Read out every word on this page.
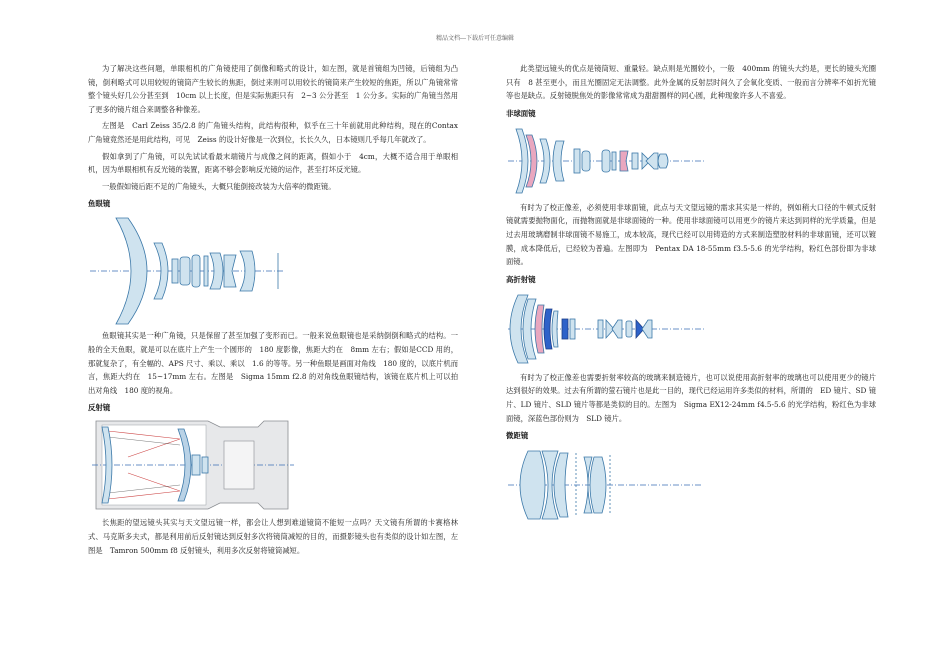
精品文档---下载后可任意编辑

为了解决这些问题，单眼相机的广角镜使用了倒像和略式的设计，如左图，就是首镜组为凹镜，后镜组为凸镜，倒利略式可以用较短的镜筒产生较长的焦距，倒过来则可以用较长的镜筒来产生较短的焦距，所以广角镜常常整个镜头好几公分甚至到　10cm 以上长度，但是实际焦距只有　2~3 公分甚至　1 公分多。实际的广角镜当然用了更多的镜片组合来调整各种像差。

左图是　Carl Zeiss 35/2.8 的广角镜头结构，此结构很种，似乎在三十年前就用此种结构，现在的Contax 广角镜竟然还是用此结构，可见　Zeiss 的设计好像是一次到位，长长久久，日本镜则几乎每几年就改了。

假如拿到了广角镜，可以先试试看最末端镜片与成像之间的距离，假如小于　4cm，大概不适合用于单眼相机，因为单眼相机有反光镜的装置，距离不够会影响反光镜的运作，甚至打坏反光镜。

一般假如镜后距不足的广角镜头，大概只能倒接改装为大倍率的微距镜。

鱼眼镜

鱼眼镜其实是一种广角镜，只是保留了甚至加强了变形而已。一般来说鱼眼镜也是采纳倒倒和略式的结构。一般的全天鱼眼，就是可以在底片上产生一个圆形的　180 度影像，焦距大约在　8mm 左右；假如是CCD 用的，那就复杂了，有全幅的、APS 尺寸、乘以、乘以　1.6 的等等。另一种鱼眼是画面对角线　180 度的，以底片机而言，焦距大约在　15~17mm 左右。左图是　Sigma 15mm f2.8 的对角线鱼眼镜结构，该镜在底片机上可以拍出对角线　180 度的视角。

反射镜

长焦距的望远镜头其实与天文望远镜一样，都会让人想到难道镜筒不能短一点吗？天文镜有所谓的卡赛格林式、马克斯多夫式，都是利用前后反射镜达到反射多次将镜筒减短的目的，而摄影镜头也有类似的设计如左图，左图是　Tamron 500mm f8 反射镜头，利用多次反射将镜筒减短。

此类望远镜头的优点是镜筒短、重量轻。缺点则是光圈较小，一般　400mm 的镜头大约是，更长的镜头光圈只有　8 甚至更小，而且光圈固定无法调整。此外金属的反射层时间久了会氧化变质、一般而言分辨率不如折光镜等也是缺点。反射镜脱焦处的影像常常成为甜甜圈样的同心圆，此种现象许多人不喜爱。

非球面镜

有时为了校正像差，必须使用非球面镜，此点与天文望远镜的需求其实是一样的，例如稍大口径的牛顿式反射镜就需要抛物面化，而抛物面就是非球面镜的一种。使用非球面镜可以用更少的镜片来达到同样的光学质量，但是过去用玻璃磨制非球面镜不易施工，成本较高，现代已经可以用铸造的方式来制造塑胶材料的非球面镜，还可以镀膜，成本降低后，已经较为普遍。左图即为　Pentax DA 18-55mm f3.5-5.6 的光学结构，粉红色部份即为非球面镜。

高折射镜

有时为了校正像差也需要折射率较高的玻璃来制造镜片，也可以说使用高折射率的玻璃也可以使用更少的镜片达到很好的效果。过去有所谓的萤石镜片也是此一目的，现代已经运用许多类似的材料，所谓的　ED 镜片、SD 镜片、LD 镜片、SLD 镜片等都是类似的目的。左图为　Sigma EX12-24mm f4.5-5.6 的光学结构，粉红色为非球面镜，深蓝色部份则为　SLD 镜片。

微距镜
